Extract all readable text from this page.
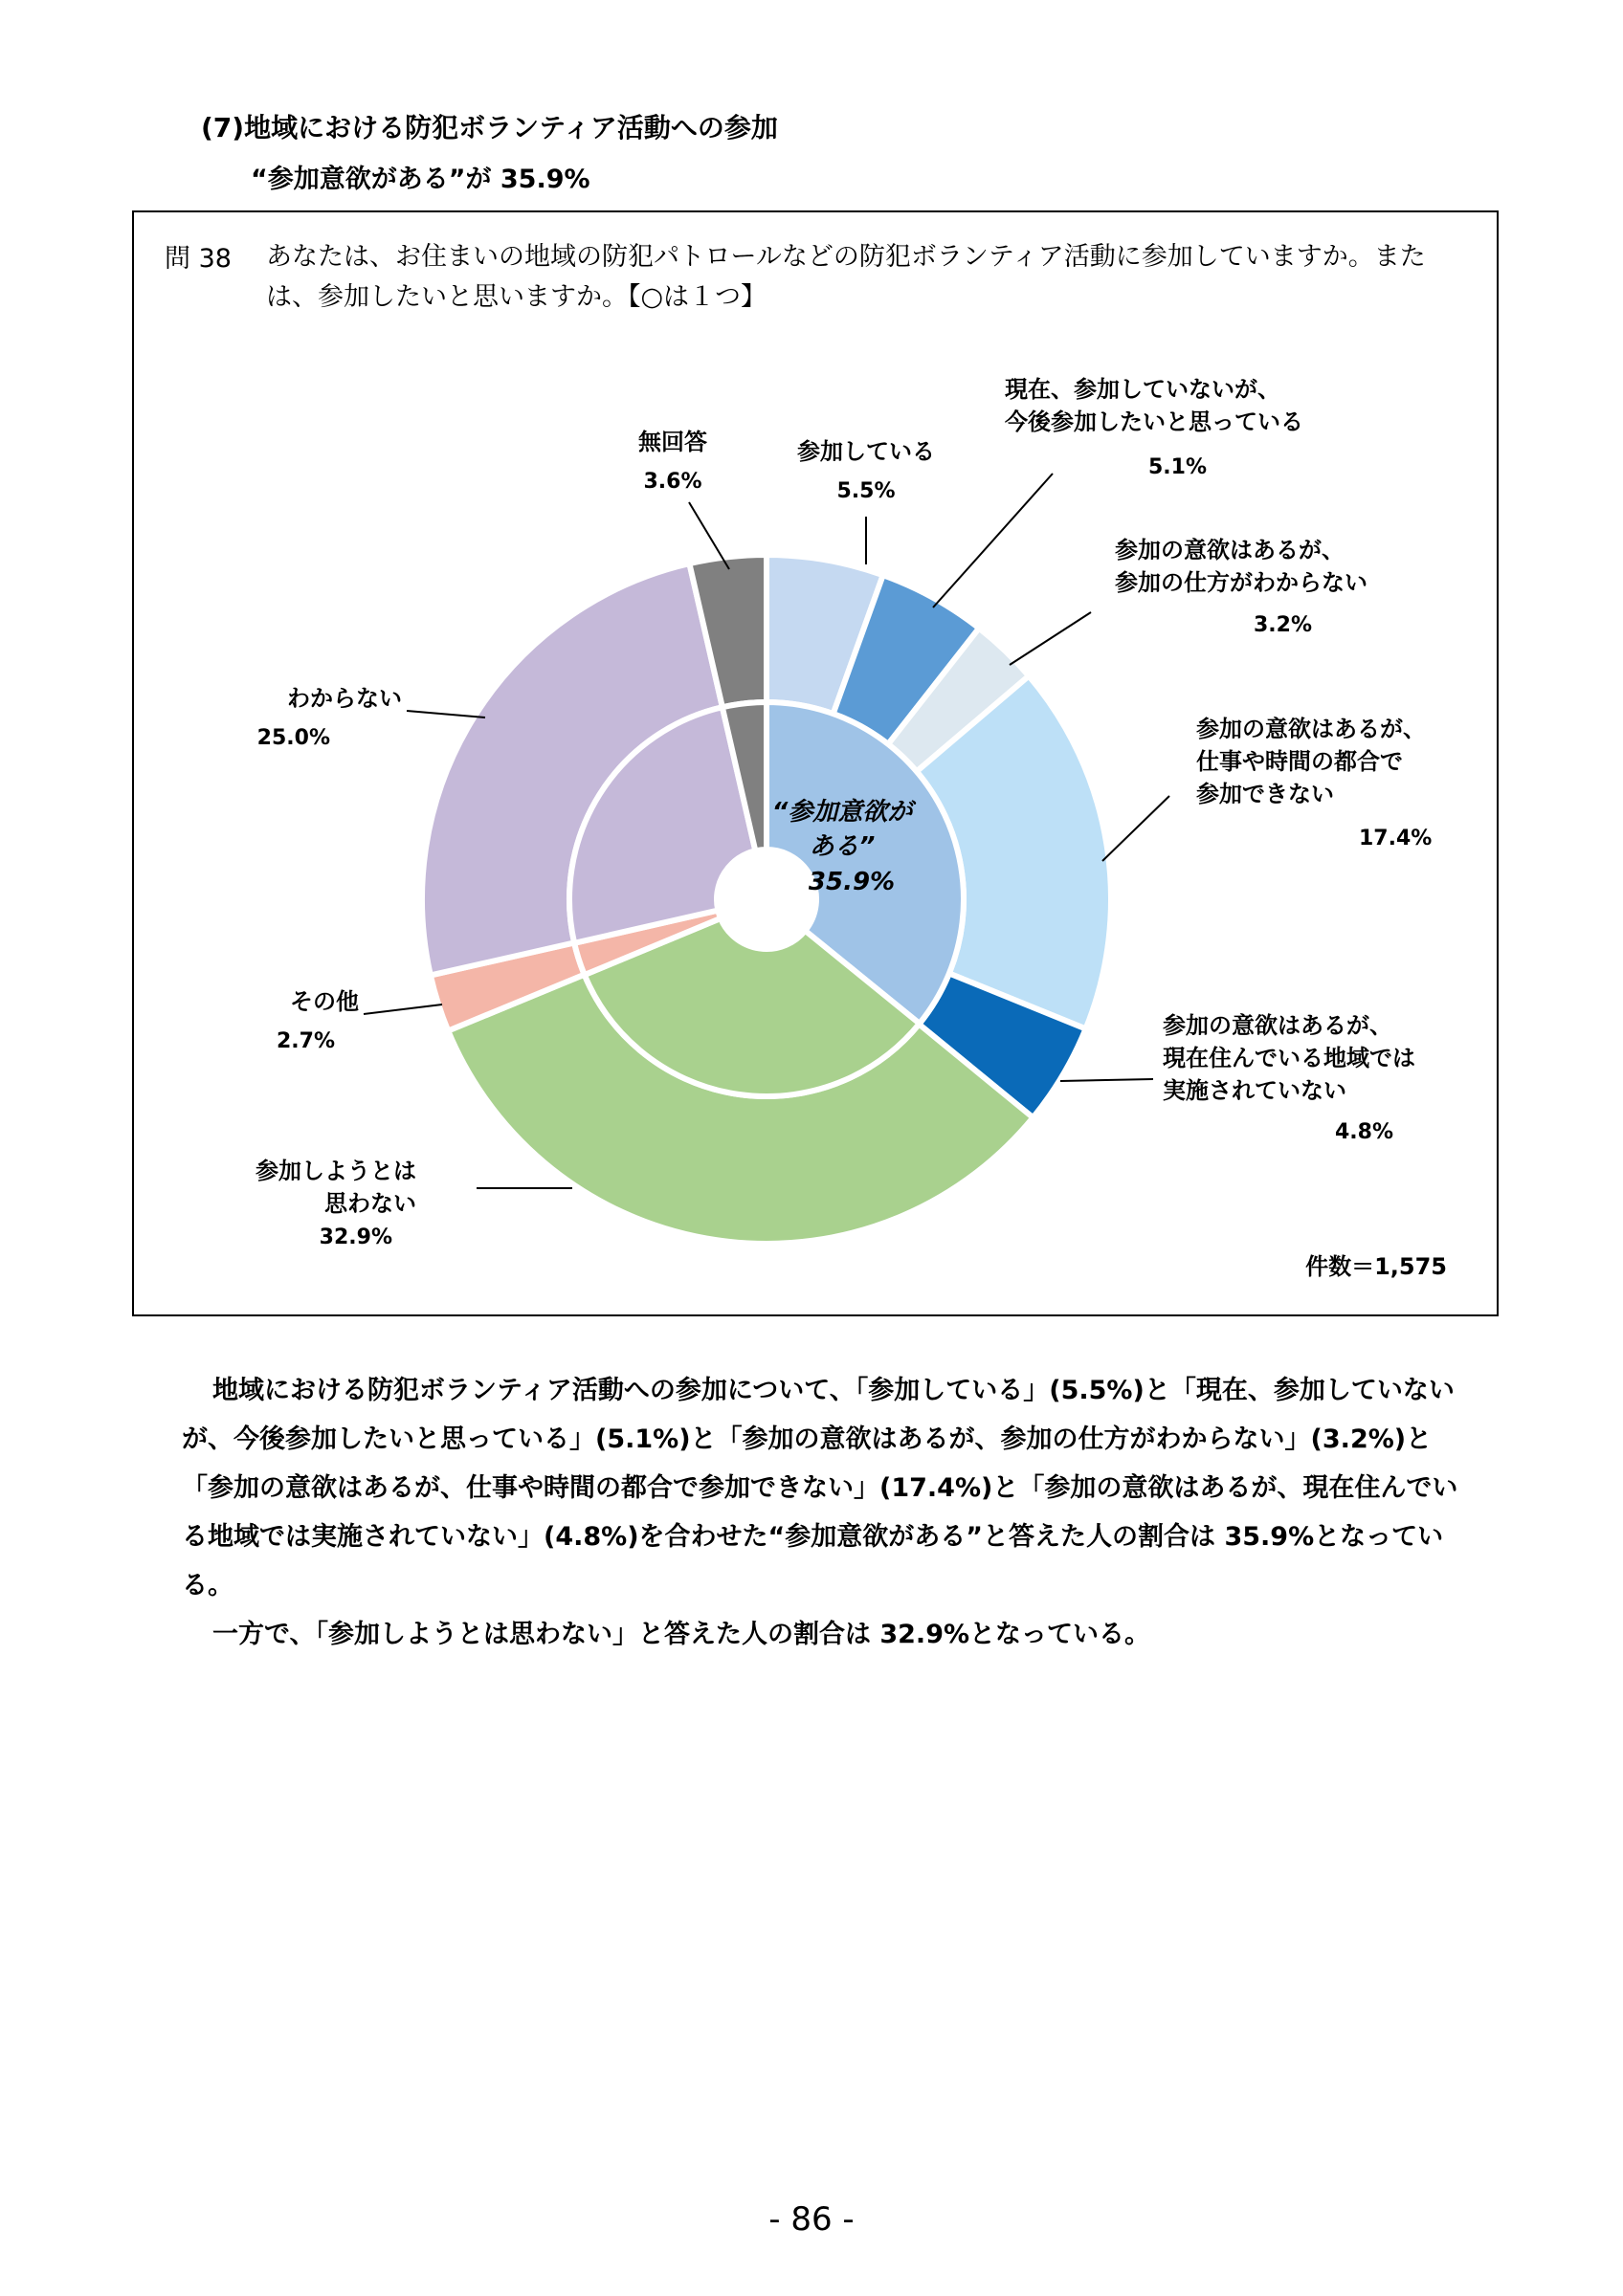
(7)地域における防犯ボランティア活動への参加
“参加意欲がある”が 35.9%
問 38 あなたは、お住まいの地域の防犯パトロールなどの防犯ボランティア活動に参加していますか。または、参加したいと思いますか。【○は１つ】
“参加意欲が
ある”
35.9%
参加している
5.5%
現在、参加していないが、
今後参加したいと思っている
5.1%
参加の意欲はあるが、
参加の仕方がわからない
3.2%
参加の意欲はあるが、
仕事や時間の都合で
参加できない
17.4%
参加の意欲はあるが、
現在住んでいる地域では
実施されていない
4.8%
参加しようとは
思わない
32.9%
その他
2.7%
わからない
25.0%
無回答
3.6%
件数＝1,575

地域における防犯ボランティア活動への参加について、「参加している」(5.5%)と「現在、参加していないが、今後参加したいと思っている」(5.1%)と「参加の意欲はあるが、参加の仕方がわからない」(3.2%)と「参加の意欲はあるが、仕事や時間の都合で参加できない」(17.4%)と「参加の意欲はあるが、現在住んでいる地域では実施されていない」(4.8%)を合わせた“参加意欲がある”と答えた人の割合は 35.9%となっている。

一方で、「参加しようとは思わない」と答えた人の割合は 32.9%となっている。

- 86 -
